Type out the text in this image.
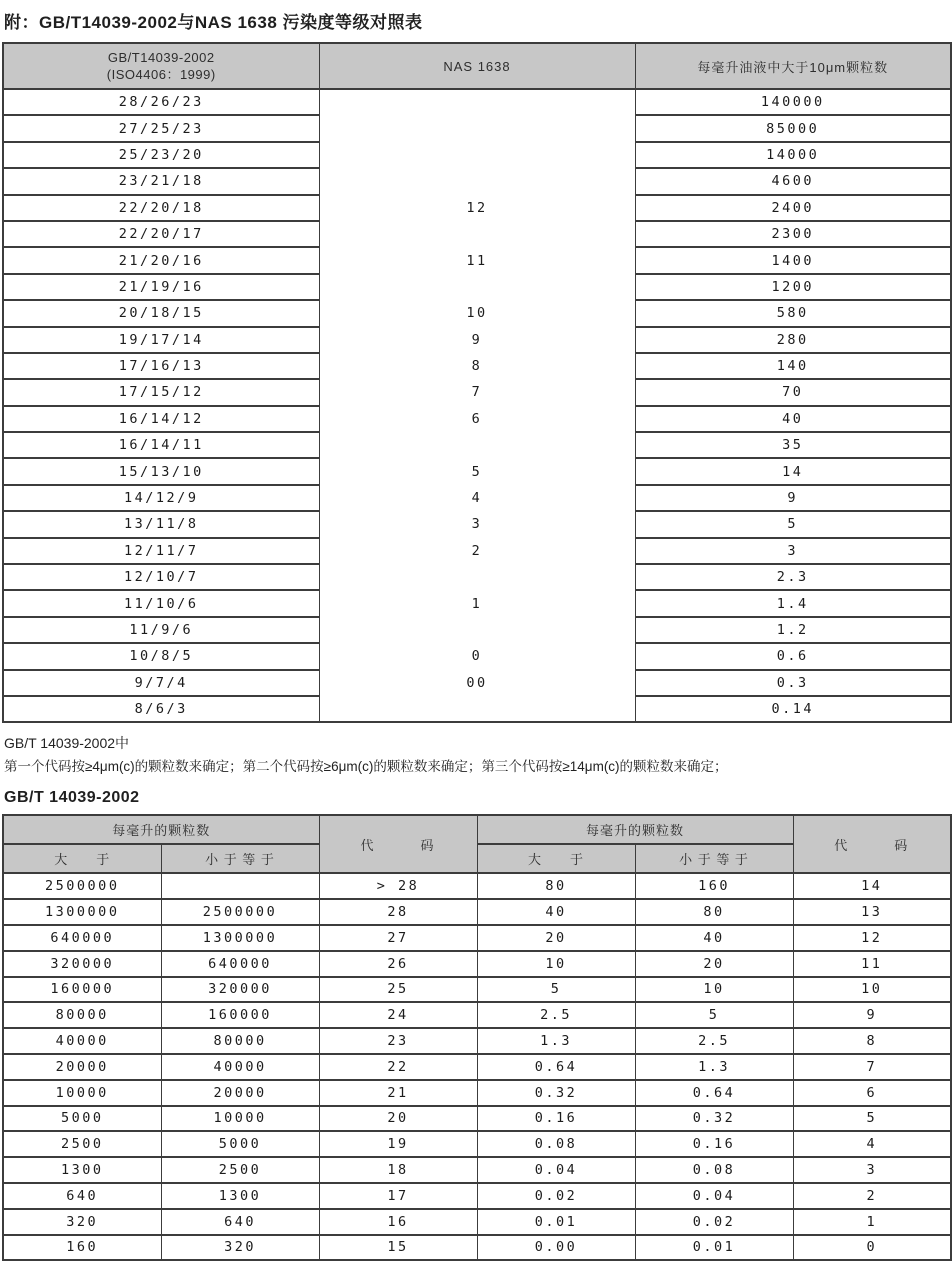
附：GB/T14039-2002与NAS 1638 污染度等级对照表
GB/T14039-2002
(ISO4406：1999)	NAS 1638	每毫升油液中大于10μm颗粒数
28/26/23		140000
27/25/23		85000
25/23/20		14000
23/21/18		4600
22/20/18	12	2400
22/20/17		2300
21/20/16	11	1400
21/19/16		1200
20/18/15	10	580
19/17/14	9	280
17/16/13	8	140
17/15/12	7	70
16/14/12	6	40
16/14/11		35
15/13/10	5	14
14/12/9	4	9
13/11/8	3	5
12/11/7	2	3
12/10/7		2.3
11/10/6	1	1.4
11/9/6		1.2
10/8/5	0	0.6
9/7/4	00	0.3
8/6/3		0.14
GB/T 14039-2002中
第一个代码按≥4μm(c)的颗粒数来确定；第二个代码按≥6μm(c)的颗粒数来确定；第三个代码按≥14μm(c)的颗粒数来确定；
GB/T 14039-2002
每毫升的颗粒数		代　　　码	每毫升的颗粒数		代　　　码
大　　于	小 于 等 于		大　　于	小 于 等 于	
2500000		> 28	80	160	14
1300000	2500000	28	40	80	13
640000	1300000	27	20	40	12
320000	640000	26	10	20	11
160000	320000	25	5	10	10
80000	160000	24	2.5	5	9
40000	80000	23	1.3	2.5	8
20000	40000	22	0.64	1.3	7
10000	20000	21	0.32	0.64	6
5000	10000	20	0.16	0.32	5
2500	5000	19	0.08	0.16	4
1300	2500	18	0.04	0.08	3
640	1300	17	0.02	0.04	2
320	640	16	0.01	0.02	1
160	320	15	0.00	0.01	0
